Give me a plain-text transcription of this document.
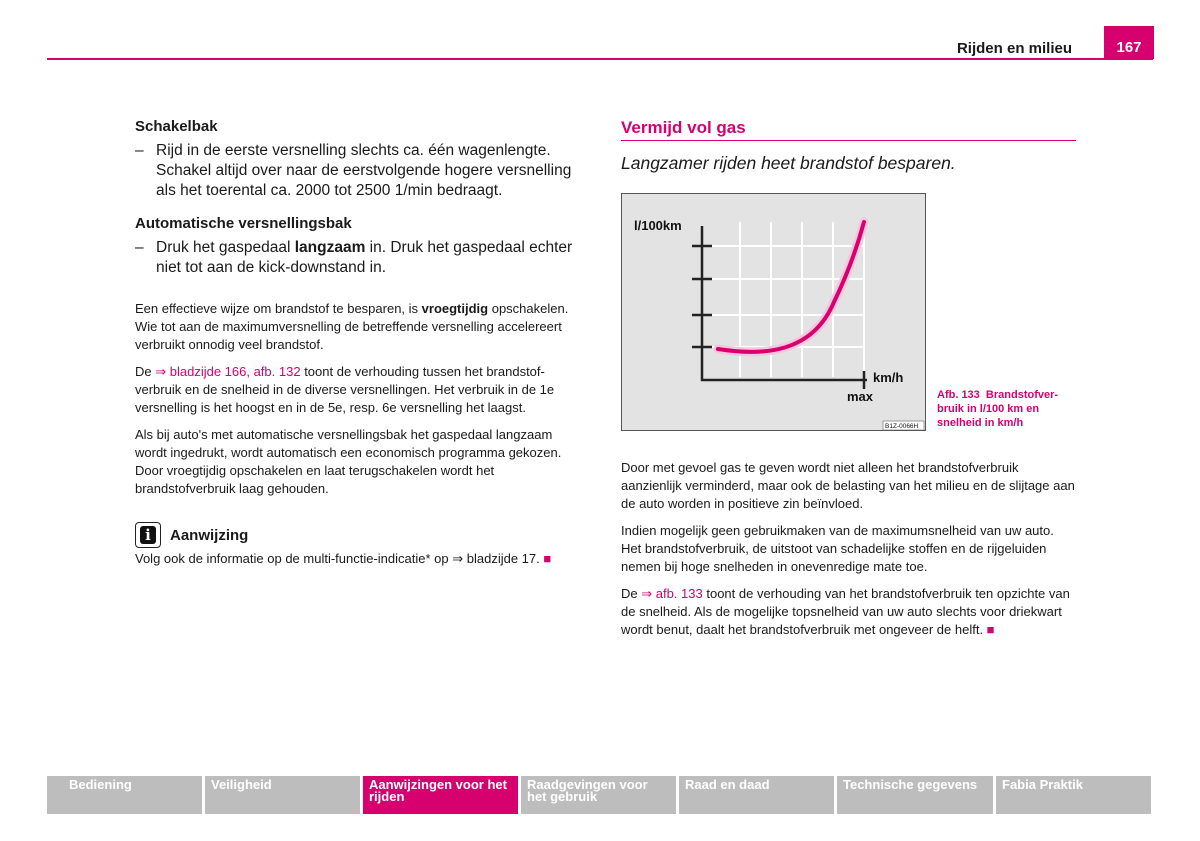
Rijden en milieu	167
Schakelbak
– Rijd in de eerste versnelling slechts ca. één wagenlengte. Schakel altijd over naar de eerstvolgende hogere versnelling als het toerental ca. 2000 tot 2500 1/min bedraagt.
Automatische versnellingsbak
– Druk het gaspedaal langzaam in. Druk het gaspedaal echter niet tot aan de kick-downstand in.

Een effectieve wijze om brandstof te besparen, is vroegtijdig opschakelen. Wie tot aan de maximumversnelling de betreffende versnelling accelereert verbruikt onnodig veel brandstof.

De ⇒ bladzijde 166, afb. 132 toont de verhouding tussen het brandstofverbruik en de snelheid in de diverse versnellingen. Het verbruik in de 1e versnelling is het hoogst en in de 5e, resp. 6e versnelling het laagst.

Als bij auto's met automatische versnellingsbak het gaspedaal langzaam wordt ingedrukt, wordt automatisch een economisch programma gekozen. Door vroegtijdig opschakelen en laat terugschakelen wordt het brandstofverbruik laag gehouden.

i	Aanwijzing

Volg ook de informatie op de multi-functie-indicatie* op ⇒ bladzijde 17. ■

Vermijd vol gas
Langzamer rijden heet brandstof besparen.
l/100km
km/h
max
B1Z-0066H
Afb. 133 Brandstofverbruik in l/100 km en snelheid in km/h

Door met gevoel gas te geven wordt niet alleen het brandstofverbruik aanzienlijk verminderd, maar ook de belasting van het milieu en de slijtage aan de auto worden in positieve zin beïnvloed.

Indien mogelijk geen gebruikmaken van de maximumsnelheid van uw auto. Het brandstofverbruik, de uitstoot van schadelijke stoffen en de rijgeluiden nemen bij hoge snelheden in onevenredige mate toe.

De ⇒ afb. 133 toont de verhouding van het brandstofverbruik ten opzichte van de snelheid. Als de mogelijke topsnelheid van uw auto slechts voor driekwart wordt benut, daalt het brandstofverbruik met ongeveer de helft. ■

Bediening	Veiligheid	Aanwijzingen voor het rijden
Raadgevingen voor het gebruik
Raad en daad	Technische gegevens	Fabia Praktik
